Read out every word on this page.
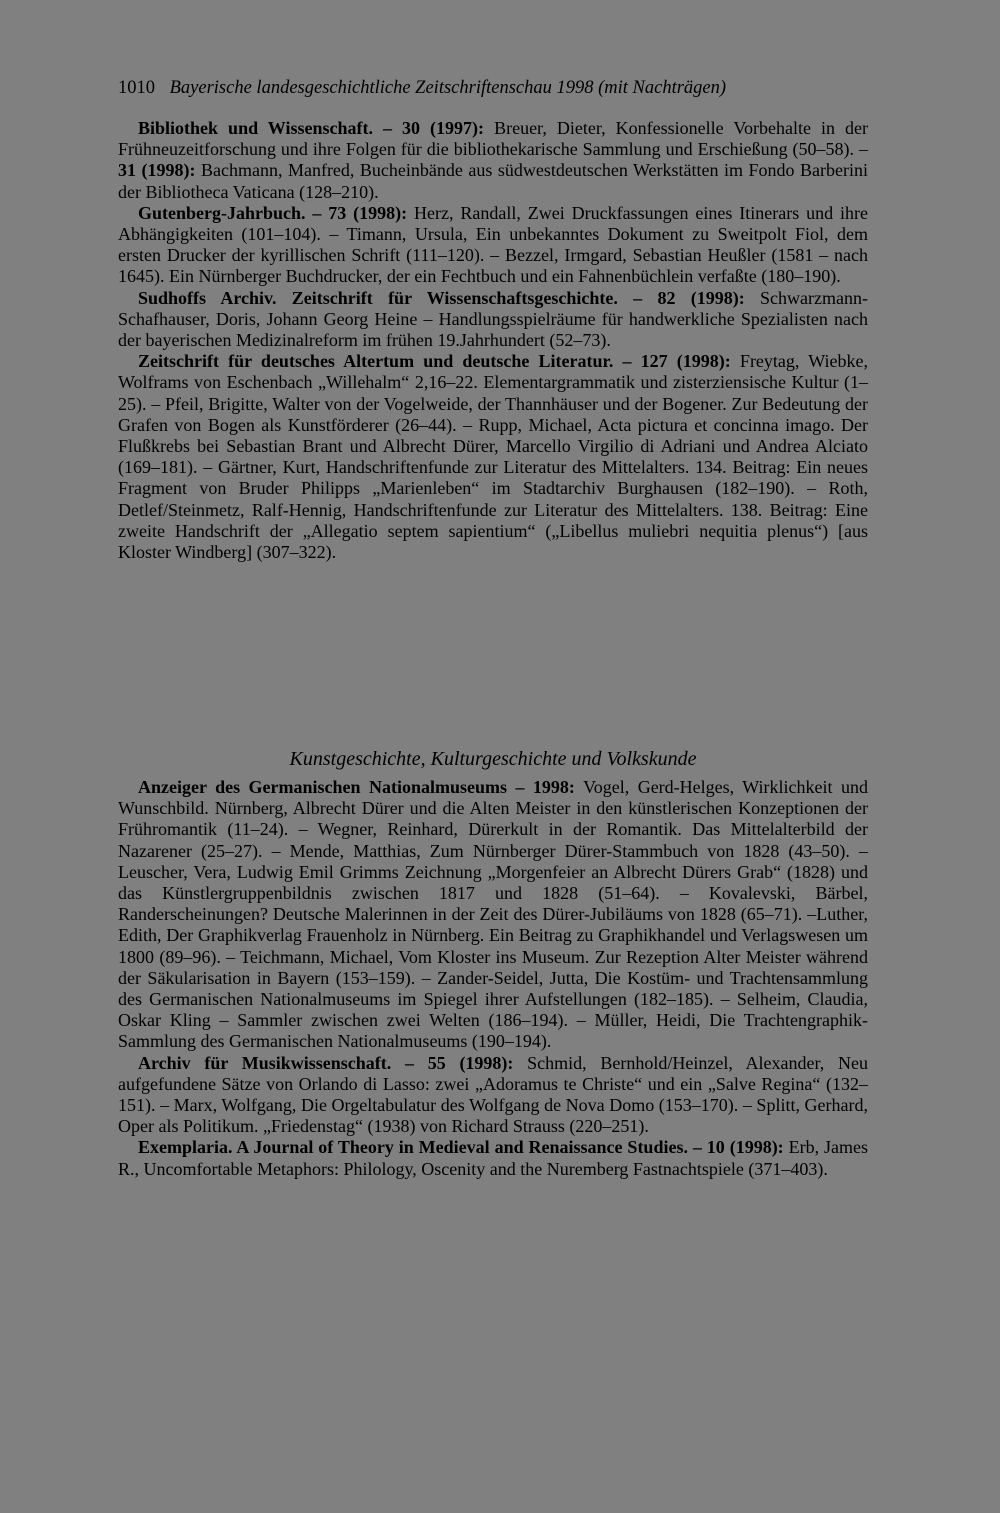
1010 Bayerische landesgeschichtliche Zeitschriftenschau 1998 (mit Nachträgen)

Bibliothek und Wissenschaft. – 30 (1997): Breuer, Dieter, Konfessionelle Vorbehalte in der Frühneuzeitforschung und ihre Folgen für die bibliothekarische Sammlung und Erschießung (50–58). – 31 (1998): Bachmann, Manfred, Bucheinbände aus südwestdeutschen Werkstätten im Fondo Barberini der Bibliotheca Vaticana (128–210).

Gutenberg-Jahrbuch. – 73 (1998): Herz, Randall, Zwei Druckfassungen eines Itinerars und ihre Abhängigkeiten (101–104). – Timann, Ursula, Ein unbekanntes Dokument zu Sweitpolt Fiol, dem ersten Drucker der kyrillischen Schrift (111–120). – Bezzel, Irmgard, Sebastian Heußler (1581 – nach 1645). Ein Nürnberger Buchdrucker, der ein Fechtbuch und ein Fahnenbüchlein verfaßte (180–190).

Sudhoffs Archiv. Zeitschrift für Wissenschaftsgeschichte. – 82 (1998): Schwarzmann-Schafhauser, Doris, Johann Georg Heine – Handlungsspielräume für handwerkliche Spezialisten nach der bayerischen Medizinalreform im frühen 19.Jahrhundert (52–73).

Zeitschrift für deutsches Altertum und deutsche Literatur. – 127 (1998): Freytag, Wiebke, Wolframs von Eschenbach „Willehalm“ 2,16–22. Elementargrammatik und zisterziensische Kultur (1–25). – Pfeil, Brigitte, Walter von der Vogelweide, der Thannhäuser und der Bogener. Zur Bedeutung der Grafen von Bogen als Kunstförderer (26–44). – Rupp, Michael, Acta pictura et concinna imago. Der Flußkrebs bei Sebastian Brant und Albrecht Dürer, Marcello Virgilio di Adriani und Andrea Alciato (169–181). – Gärtner, Kurt, Handschriftenfunde zur Literatur des Mittelalters. 134. Beitrag: Ein neues Fragment von Bruder Philipps „Marienleben“ im Stadtarchiv Burghausen (182–190). – Roth, Detlef/Steinmetz, Ralf-Hennig, Handschriftenfunde zur Literatur des Mittelalters. 138. Beitrag: Eine zweite Handschrift der „Allegatio septem sapientium“ („Libellus muliebri nequitia plenus“) [aus Kloster Windberg] (307–322).

Kunstgeschichte, Kulturgeschichte und Volkskunde

Anzeiger des Germanischen Nationalmuseums – 1998: Vogel, Gerd-Helges, Wirklichkeit und Wunschbild. Nürnberg, Albrecht Dürer und die Alten Meister in den künstlerischen Konzeptionen der Frühromantik (11–24). – Wegner, Reinhard, Dürerkult in der Romantik. Das Mittelalterbild der Nazarener (25–27). – Mende, Matthias, Zum Nürnberger Dürer-Stammbuch von 1828 (43–50). – Leuscher, Vera, Ludwig Emil Grimms Zeichnung „Morgenfeier an Albrecht Dürers Grab“ (1828) und das Künstlergruppenbildnis zwischen 1817 und 1828 (51–64). – Kovalevski, Bärbel, Randerscheinungen? Deutsche Malerinnen in der Zeit des Dürer-Jubiläums von 1828 (65–71). –Luther, Edith, Der Graphikverlag Frauenholz in Nürnberg. Ein Beitrag zu Graphikhandel und Verlagswesen um 1800 (89–96). – Teichmann, Michael, Vom Kloster ins Museum. Zur Rezeption Alter Meister während der Säkularisation in Bayern (153–159). – Zander-Seidel, Jutta, Die Kostüm- und Trachtensammlung des Germanischen Nationalmuseums im Spiegel ihrer Aufstellungen (182–185). – Selheim, Claudia, Oskar Kling – Sammler zwischen zwei Welten (186–194). – Müller, Heidi, Die Trachtengraphik-Sammlung des Germanischen Nationalmuseums (190–194).

Archiv für Musikwissenschaft. – 55 (1998): Schmid, Bernhold/Heinzel, Alexander, Neu aufgefundene Sätze von Orlando di Lasso: zwei „Adoramus te Christe“ und ein „Salve Regina“ (132–151). – Marx, Wolfgang, Die Orgeltabulatur des Wolfgang de Nova Domo (153–170). – Splitt, Gerhard, Oper als Politikum. „Friedenstag“ (1938) von Richard Strauss (220–251).

Exemplaria. A Journal of Theory in Medieval and Renaissance Studies. – 10 (1998): Erb, James R., Uncomfortable Metaphors: Philology, Oscenity and the Nuremberg Fastnachtspiele (371–403).
